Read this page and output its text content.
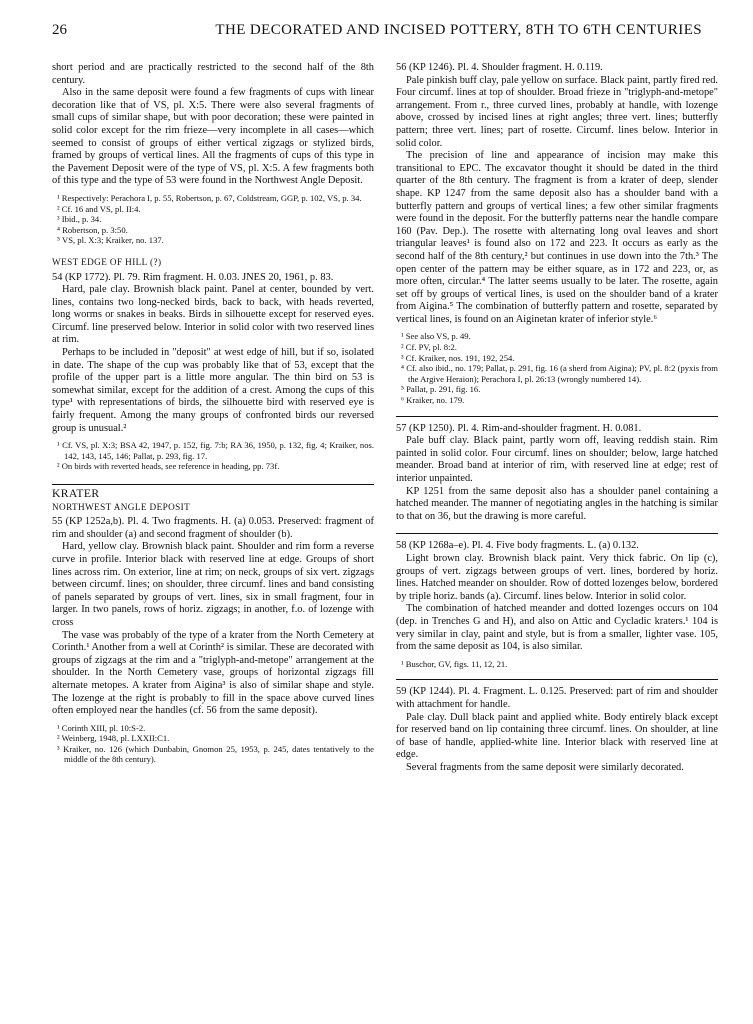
26	THE DECORATED AND INCISED POTTERY, 8TH TO 6TH CENTURIES

short period and are practically restricted to the second half of the 8th century.

Also in the same deposit were found a few fragments of cups with linear decoration like that of VS, pl. X:5. There were also several fragments of small cups of similar shape, but with poor decoration; these were painted in solid color except for the rim frieze—very incomplete in all cases—which seemed to consist of groups of either vertical zigzags or stylized birds, framed by groups of vertical lines. All the fragments of cups of this type in the Pavement Deposit were of the type of VS, pl. X:5. A few fragments both of this type and the type of 53 were found in the Northwest Angle Deposit.

¹ Respectively: Perachora I, p. 55, Robertson, p. 67, Coldstream, GGP, p. 102, VS, p. 34.

² Cf. 16 and VS, pl. II:4.

³ Ibid., p. 34.

⁴ Robertson, p. 3:50.

⁵ VS, pl. X:3; Kraiker, no. 137.

WEST EDGE OF HILL (?)

54 (KP 1772). Pl. 79. Rim fragment. H. 0.03. JNES 20, 1961, p. 83.

Hard, pale clay. Brownish black paint. Panel at center, bounded by vert. lines, contains two long-necked birds, back to back, with heads reverted, long worms or snakes in beaks. Birds in silhouette except for reserved eyes. Circumf. line preserved below. Interior in solid color with two reserved lines at rim.

Perhaps to be included in "deposit" at west edge of hill, but if so, isolated in date. The shape of the cup was probably like that of 53, except that the profile of the upper part is a little more angular. The thin bird on 53 is somewhat similar, except for the addition of a crest. Among the cups of this type¹ with representations of birds, the silhouette bird with reserved eye is fairly frequent. Among the many groups of confronted birds our reversed group is unusual.²

¹ Cf. VS, pl. X:3; BSA 42, 1947, p. 152, fig. 7:b; RA 36, 1950, p. 132, fig. 4; Kraiker, nos. 142, 143, 145, 146; Pallat, p. 293, fig. 17.

² On birds with reverted heads, see reference in heading, pp. 73f.

KRATER
NORTHWEST ANGLE DEPOSIT

55 (KP 1252a,b). Pl. 4. Two fragments. H. (a) 0.053. Preserved: fragment of rim and shoulder (a) and second fragment of shoulder (b).

Hard, yellow clay. Brownish black paint. Shoulder and rim form a reverse curve in profile. Interior black with reserved line at edge. Groups of short lines across rim. On exterior, line at rim; on neck, groups of six vert. zigzags between circumf. lines; on shoulder, three circumf. lines and band consisting of panels separated by groups of vert. lines, six in small fragment, four in larger. In two panels, rows of horiz. zigzags; in another, f.o. of lozenge with cross

The vase was probably of the type of a krater from the North Cemetery at Corinth.¹ Another from a well at Corinth² is similar. These are decorated with groups of zigzags at the rim and a "triglyph-and-metope" arrangement at the shoulder. In the North Cemetery vase, groups of horizontal zigzags fill alternate metopes. A krater from Aigina³ is also of similar shape and style. The lozenge at the right is probably to fill in the space above curved lines often employed near the handles (cf. 56 from the same deposit).

¹ Corinth XIII, pl. 10:S-2.

² Weinberg, 1948, pl. LXXII:C1.

³ Kraiker, no. 126 (which Dunbabin, Gnomon 25, 1953, p. 245, dates tentatively to the middle of the 8th century).

56 (KP 1246). Pl. 4. Shoulder fragment. H. 0.119.

Pale pinkish buff clay, pale yellow on surface. Black paint, partly fired red. Four circumf. lines at top of shoulder. Broad frieze in "triglyph-and-metope" arrangement. From r., three curved lines, probably at handle, with lozenge above, crossed by incised lines at right angles; three vert. lines; butterfly pattern; three vert. lines; part of rosette. Circumf. lines below. Interior in solid color.

The precision of line and appearance of incision may make this transitional to EPC. The excavator thought it should be dated in the third quarter of the 8th century. The fragment is from a krater of deep, slender shape. KP 1247 from the same deposit also has a shoulder band with a butterfly pattern and groups of vertical lines; a few other similar fragments were found in the deposit. For the butterfly patterns near the handle compare 160 (Pav. Dep.). The rosette with alternating long oval leaves and short triangular leaves¹ is found also on 172 and 223. It occurs as early as the second half of the 8th century,² but continues in use down into the 7th.³ The open center of the pattern may be either square, as in 172 and 223, or, as more often, circular.⁴ The latter seems usually to be later. The rosette, again set off by groups of vertical lines, is used on the shoulder band of a krater from Aigina.⁵ The combination of butterfly pattern and rosette, separated by vertical lines, is found on an Aiginetan krater of inferior style.⁶

¹ See also VS, p. 49.

² Cf. PV, pl. 8:2.

³ Cf. Kraiker, nos. 191, 192, 254.

⁴ Cf. also ibid., no. 179; Pallat, p. 291, fig. 16 (a sherd from Aigina); PV, pl. 8:2 (pyxis from the Argive Heraion); Perachora I, pl. 26:13 (wrongly numbered 14).

⁵ Pallat, p. 291, fig. 16.

⁶ Kraiker, no. 179.

57 (KP 1250). Pl. 4. Rim-and-shoulder fragment. H. 0.081.

Pale buff clay. Black paint, partly worn off, leaving reddish stain. Rim painted in solid color. Four circumf. lines on shoulder; below, large hatched meander. Broad band at interior of rim, with reserved line at edge; rest of interior unpainted.

KP 1251 from the same deposit also has a shoulder panel containing a hatched meander. The manner of negotiating angles in the hatching is similar to that on 36, but the drawing is more careful.

58 (KP 1268a–e). Pl. 4. Five body fragments. L. (a) 0.132.

Light brown clay. Brownish black paint. Very thick fabric. On lip (c), groups of vert. zigzags between groups of vert. lines, bordered by horiz. lines. Hatched meander on shoulder. Row of dotted lozenges below, bordered by triple horiz. bands (a). Circumf. lines below. Interior in solid color.

The combination of hatched meander and dotted lozenges occurs on 104 (dep. in Trenches G and H), and also on Attic and Cycladic kraters.¹ 104 is very similar in clay, paint and style, but is from a smaller, lighter vase. 105, from the same deposit as 104, is also similar.

¹ Buschor, GV, figs. 11, 12, 21.

59 (KP 1244). Pl. 4. Fragment. L. 0.125. Preserved: part of rim and shoulder with attachment for handle.

Pale clay. Dull black paint and applied white. Body entirely black except for reserved band on lip containing three circumf. lines. On shoulder, at line of base of handle, applied-white line. Interior black with reserved line at edge.

Several fragments from the same deposit were similarly decorated.
